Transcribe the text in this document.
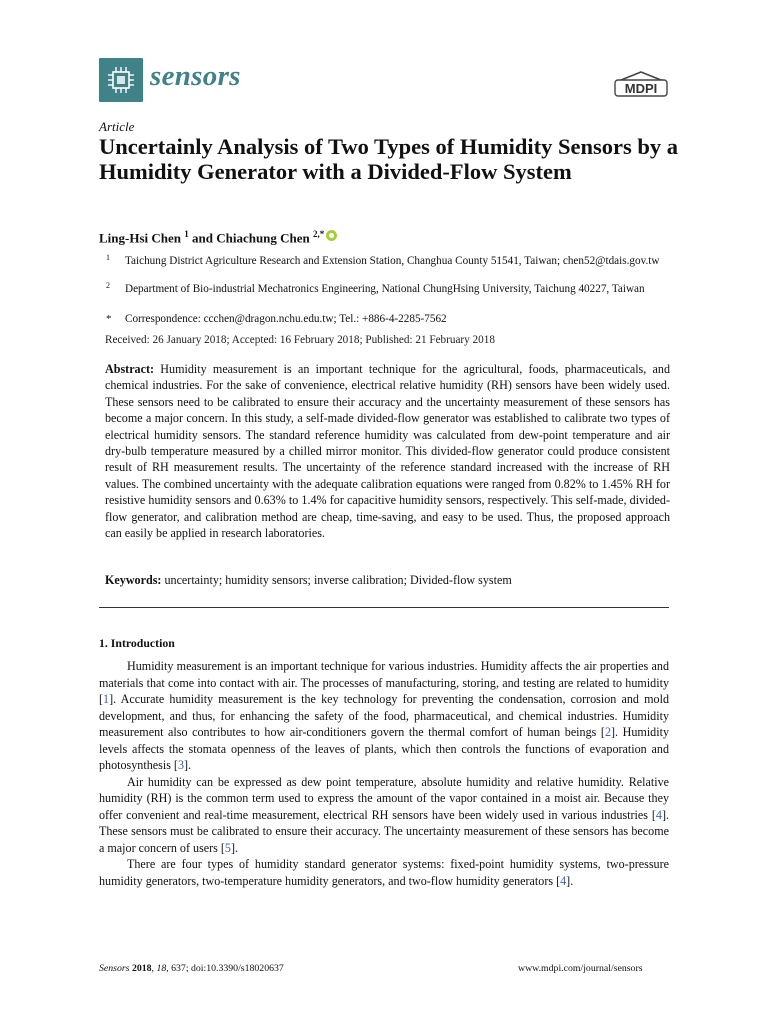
sensors	MDPI
Article
Uncertainly Analysis of Two Types of Humidity Sensors by a Humidity Generator with a Divided-Flow System
Ling-Hsi Chen $^1$ and Chiachung Chen $^{2,*}$
1 Taichung District Agriculture Research and Extension Station, Changhua County 51541, Taiwan; chen52@tdais.gov.tw
2 Department of Bio-industrial Mechatronics Engineering, National ChungHsing University, Taichung 40227, Taiwan
* Correspondence: ccchen@dragon.nchu.edu.tw; Tel.: +886-4-2285-7562
Received: 26 January 2018; Accepted: 16 February 2018; Published: 21 February 2018
Abstract: Humidity measurement is an important technique for the agricultural, foods, pharmaceuticals, and chemical industries. For the sake of convenience, electrical relative humidity (RH) sensors have been widely used. These sensors need to be calibrated to ensure their accuracy and the uncertainty measurement of these sensors has become a major concern. In this study, a self-made divided-flow generator was established to calibrate two types of electrical humidity sensors. The standard reference humidity was calculated from dew-point temperature and air dry-bulb temperature measured by a chilled mirror monitor. This divided-flow generator could produce consistent result of RH measurement results. The uncertainty of the reference standard increased with the increase of RH values. The combined uncertainty with the adequate calibration equations were ranged from 0.82% to 1.45% RH for resistive humidity sensors and 0.63% to 1.4% for capacitive humidity sensors, respectively. This self-made, divided-flow generator, and calibration method are cheap, time-saving, and easy to be used. Thus, the proposed approach can easily be applied in research laboratories.
Keywords: uncertainty; humidity sensors; inverse calibration; Divided-flow system
1. Introduction

Humidity measurement is an important technique for various industries. Humidity affects the air properties and materials that come into contact with air. The processes of manufacturing, storing, and testing are related to humidity [1]. Accurate humidity measurement is the key technology for preventing the condensation, corrosion and mold development, and thus, for enhancing the safety of the food, pharmaceutical, and chemical industries. Humidity measurement also contributes to how air-conditioners govern the thermal comfort of human beings [2]. Humidity levels affects the stomata openness of the leaves of plants, which then controls the functions of evaporation and photosynthesis [3].

Air humidity can be expressed as dew point temperature, absolute humidity and relative humidity. Relative humidity (RH) is the common term used to express the amount of the vapor contained in a moist air. Because they offer convenient and real-time measurement, electrical RH sensors have been widely used in various industries [4]. These sensors must be calibrated to ensure their accuracy. The uncertainty measurement of these sensors has become a major concern of users [5].

There are four types of humidity standard generator systems: fixed-point humidity systems, two-pressure humidity generators, two-temperature humidity generators, and two-flow humidity generators [4].

Sensors 2018, 18, 637; doi:10.3390/s18020637	www.mdpi.com/journal/sensors
